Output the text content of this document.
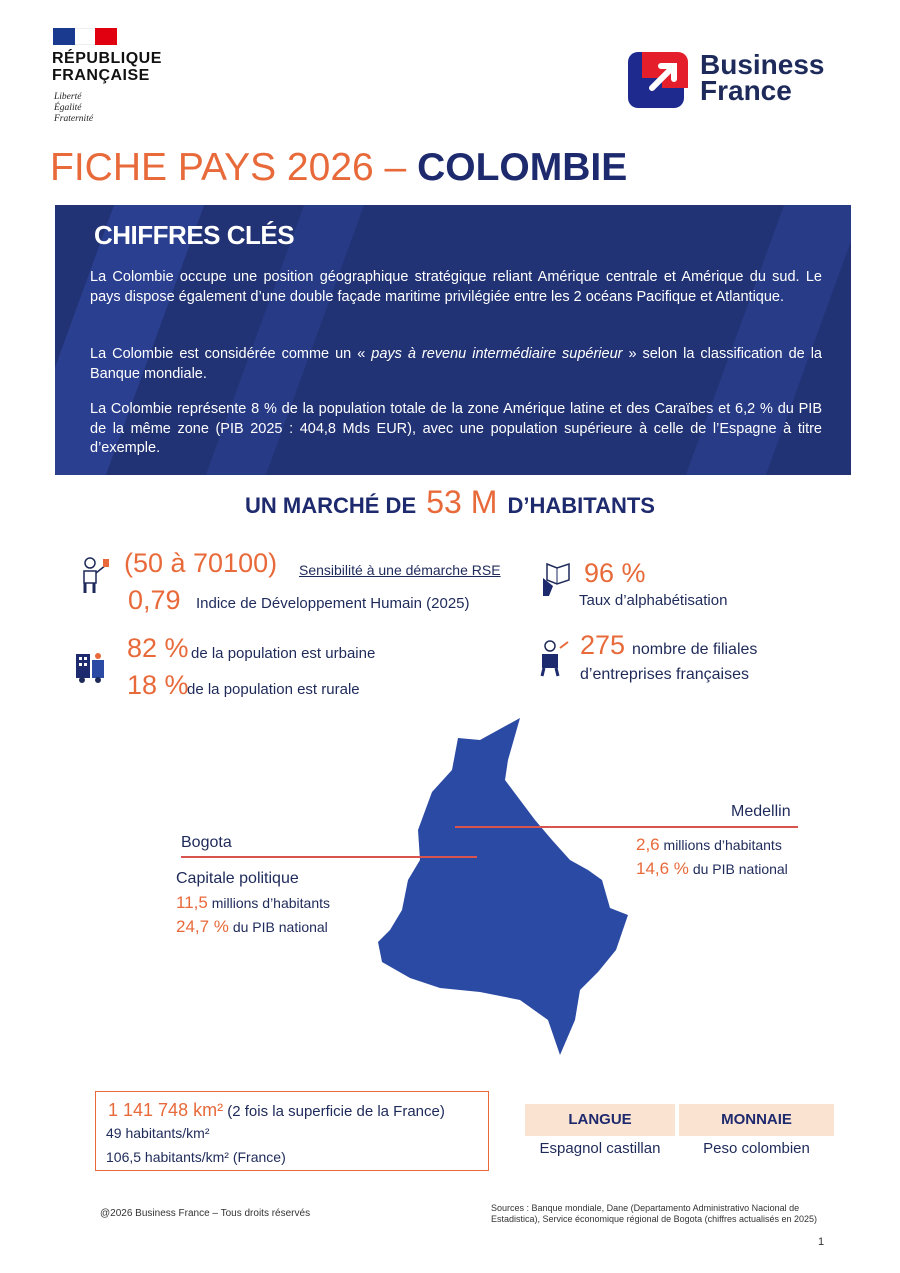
RÉPUBLIQUE
FRANÇAISE
Liberté
Égalité
Fraternité
Business
France
FICHE PAYS 2026 – COLOMBIE
CHIFFRES CLÉS
La Colombie occupe une position géographique stratégique reliant Amérique centrale et Amérique du sud. Le pays dispose également d’une double façade maritime privilégiée entre les 2 océans Pacifique et Atlantique.
La Colombie est considérée comme un « pays à revenu intermédiaire supérieur » selon la classification de la Banque mondiale.
La Colombie représente 8 % de la population totale de la zone Amérique latine et des Caraïbes et 6,2 % du PIB de la même zone (PIB 2025 : 404,8 Mds EUR), avec une population supérieure à celle de l’Espagne à titre d’exemple.
UN MARCHÉ DE 53 M D’HABITANTS
(50 à 70100) Sensibilité à une démarche RSE
0,79 Indice de Développement Humain (2025)
82 % de la population est urbaine
18 %
de la population est rurale
96 %
Taux d’alphabétisation
275 nombre de filiales
d’entreprises françaises
Bogota
Capitale politique
11,5 millions d’habitants
24,7 % du PIB national
Medellin
2,6 millions d’habitants
14,6 % du PIB national
1 141 748 km² (2 fois la superficie de la France)
49 habitants/km²
106,5 habitants/km² (France)
LANGUE	MONNAIE
Espagnol castillan	Peso colombien
@2026 Business France – Tous droits réservés	Sources : Banque mondiale, Dane (Departamento Administrativo Nacional de Estadistica), Service économique régional de Bogota (chiffres actualisés en 2025)
1
